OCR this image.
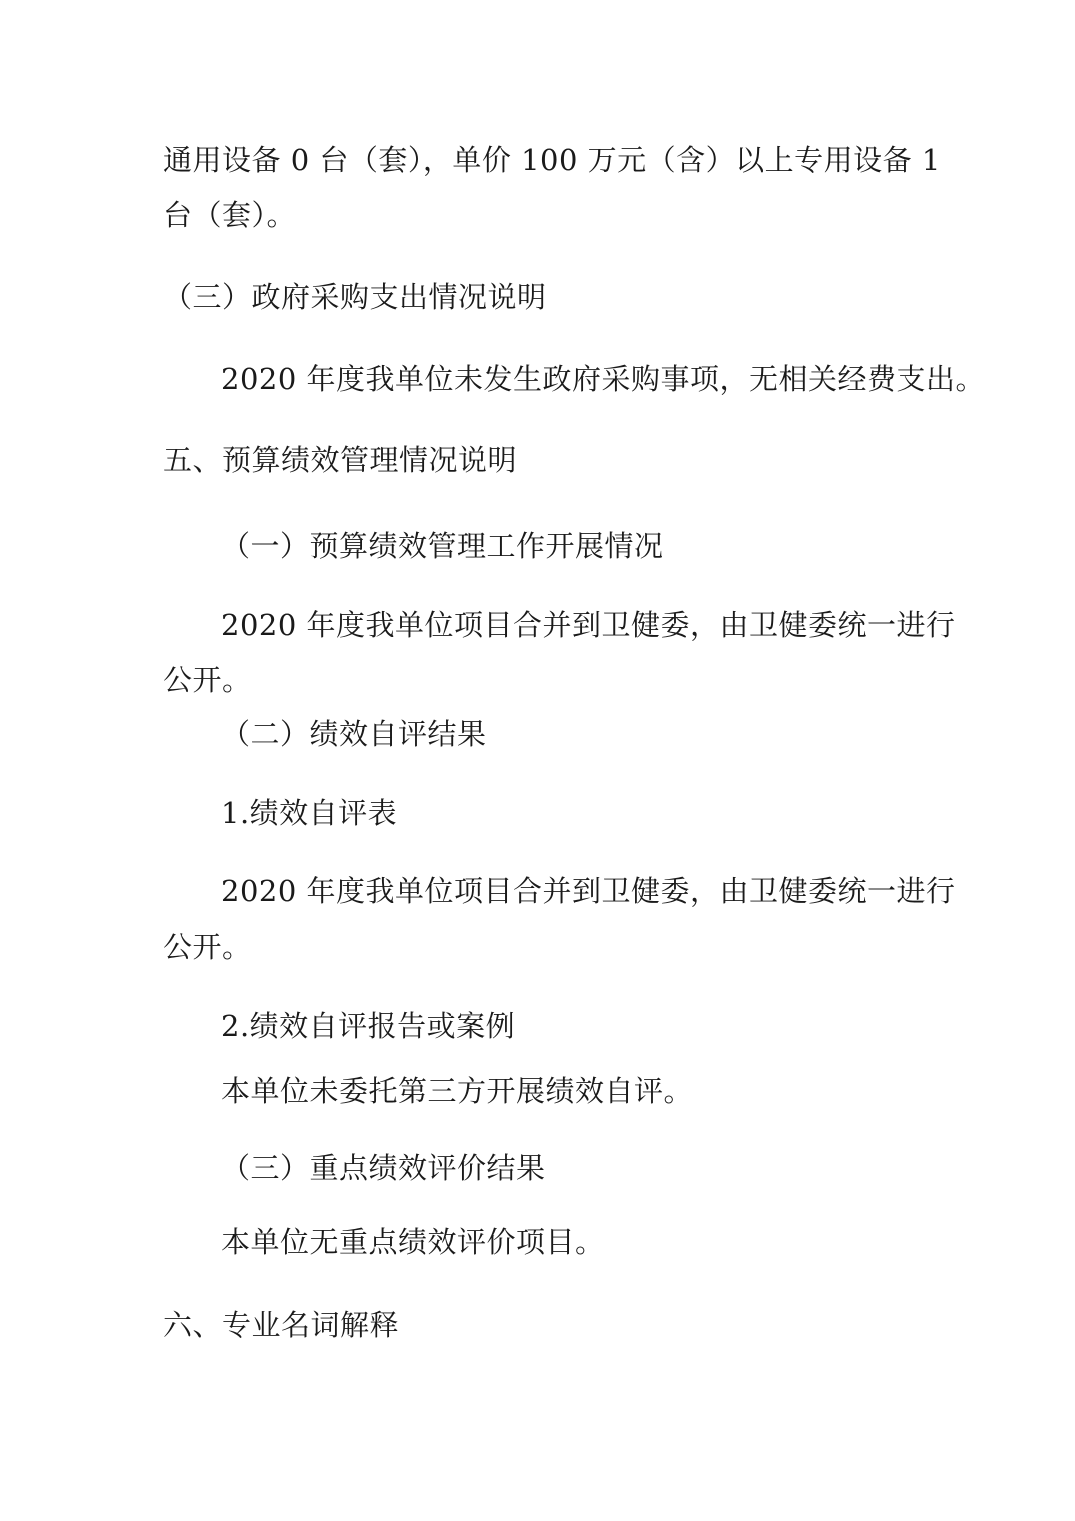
通用设备 0 台（套），单价 100 万元（含）以上专用设备 1
台（套）。
（三）政府采购支出情况说明
2020 年度我单位未发生政府采购事项，无相关经费支出。
五、预算绩效管理情况说明
（一）预算绩效管理工作开展情况
2020 年度我单位项目合并到卫健委，由卫健委统一进行
公开。
（二）绩效自评结果
1.绩效自评表
2020 年度我单位项目合并到卫健委，由卫健委统一进行
公开。
2.绩效自评报告或案例
本单位未委托第三方开展绩效自评。
（三）重点绩效评价结果
本单位无重点绩效评价项目。
六、专业名词解释
